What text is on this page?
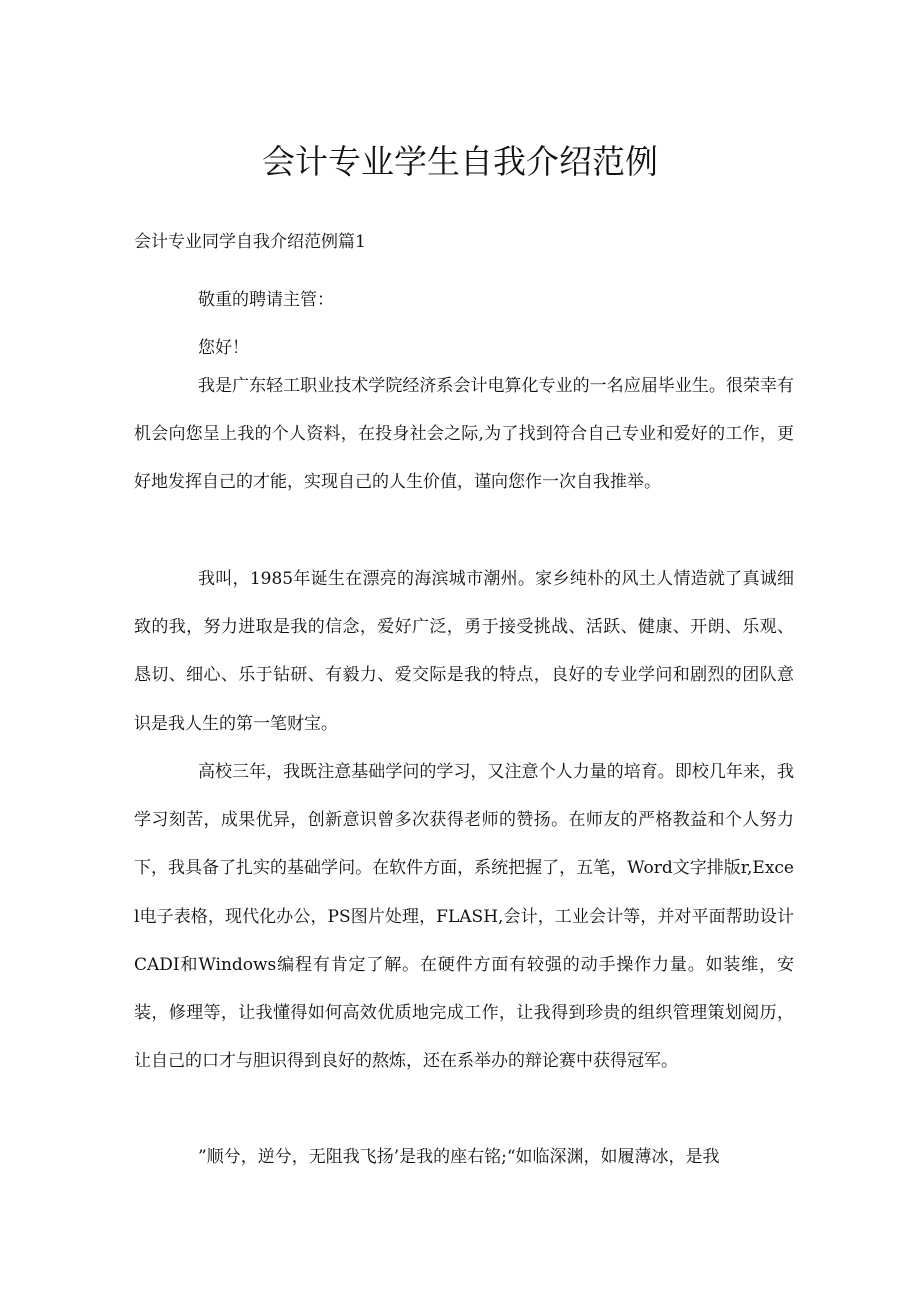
会计专业学生自我介绍范例

会计专业同学自我介绍范例篇1

敬重的聘请主管：

您好！

我是广东轻工职业技术学院经济系会计电算化专业的一名应届毕业生。很荣幸有机会向您呈上我的个人资料，在投身社会之际,为了找到符合自己专业和爱好的工作，更好地发挥自己的才能，实现自己的人生价值，谨向您作一次自我推举。

我叫，1985年诞生在漂亮的海滨城市潮州。家乡纯朴的风土人情造就了真诚细致的我，努力进取是我的信念，爱好广泛，勇于接受挑战、活跃、健康、开朗、乐观、恳切、细心、乐于钻研、有毅力、爱交际是我的特点，良好的专业学问和剧烈的团队意识是我人生的第一笔财宝。

高校三年，我既注意基础学问的学习，又注意个人力量的培育。即校几年来，我学习刻苦，成果优异，创新意识曾多次获得老师的赞扬。在师友的严格教益和个人努力下，我具备了扎实的基础学问。在软件方面，系统把握了，五笔，Word文字排版r,Excel电子表格，现代化办公，PS图片处理，FLASH,会计，工业会计等，并对平面帮助设计CADI和Windows编程有肯定了解。在硬件方面有较强的动手操作力量。如装维，安装，修理等，让我懂得如何高效优质地完成工作，让我得到珍贵的组织管理策划阅历，让自己的口才与胆识得到良好的熬炼，还在系举办的辩论赛中获得冠军。

”顺兮，逆兮，无阻我飞扬’是我的座右铭;“如临深渊，如履薄冰，是我
